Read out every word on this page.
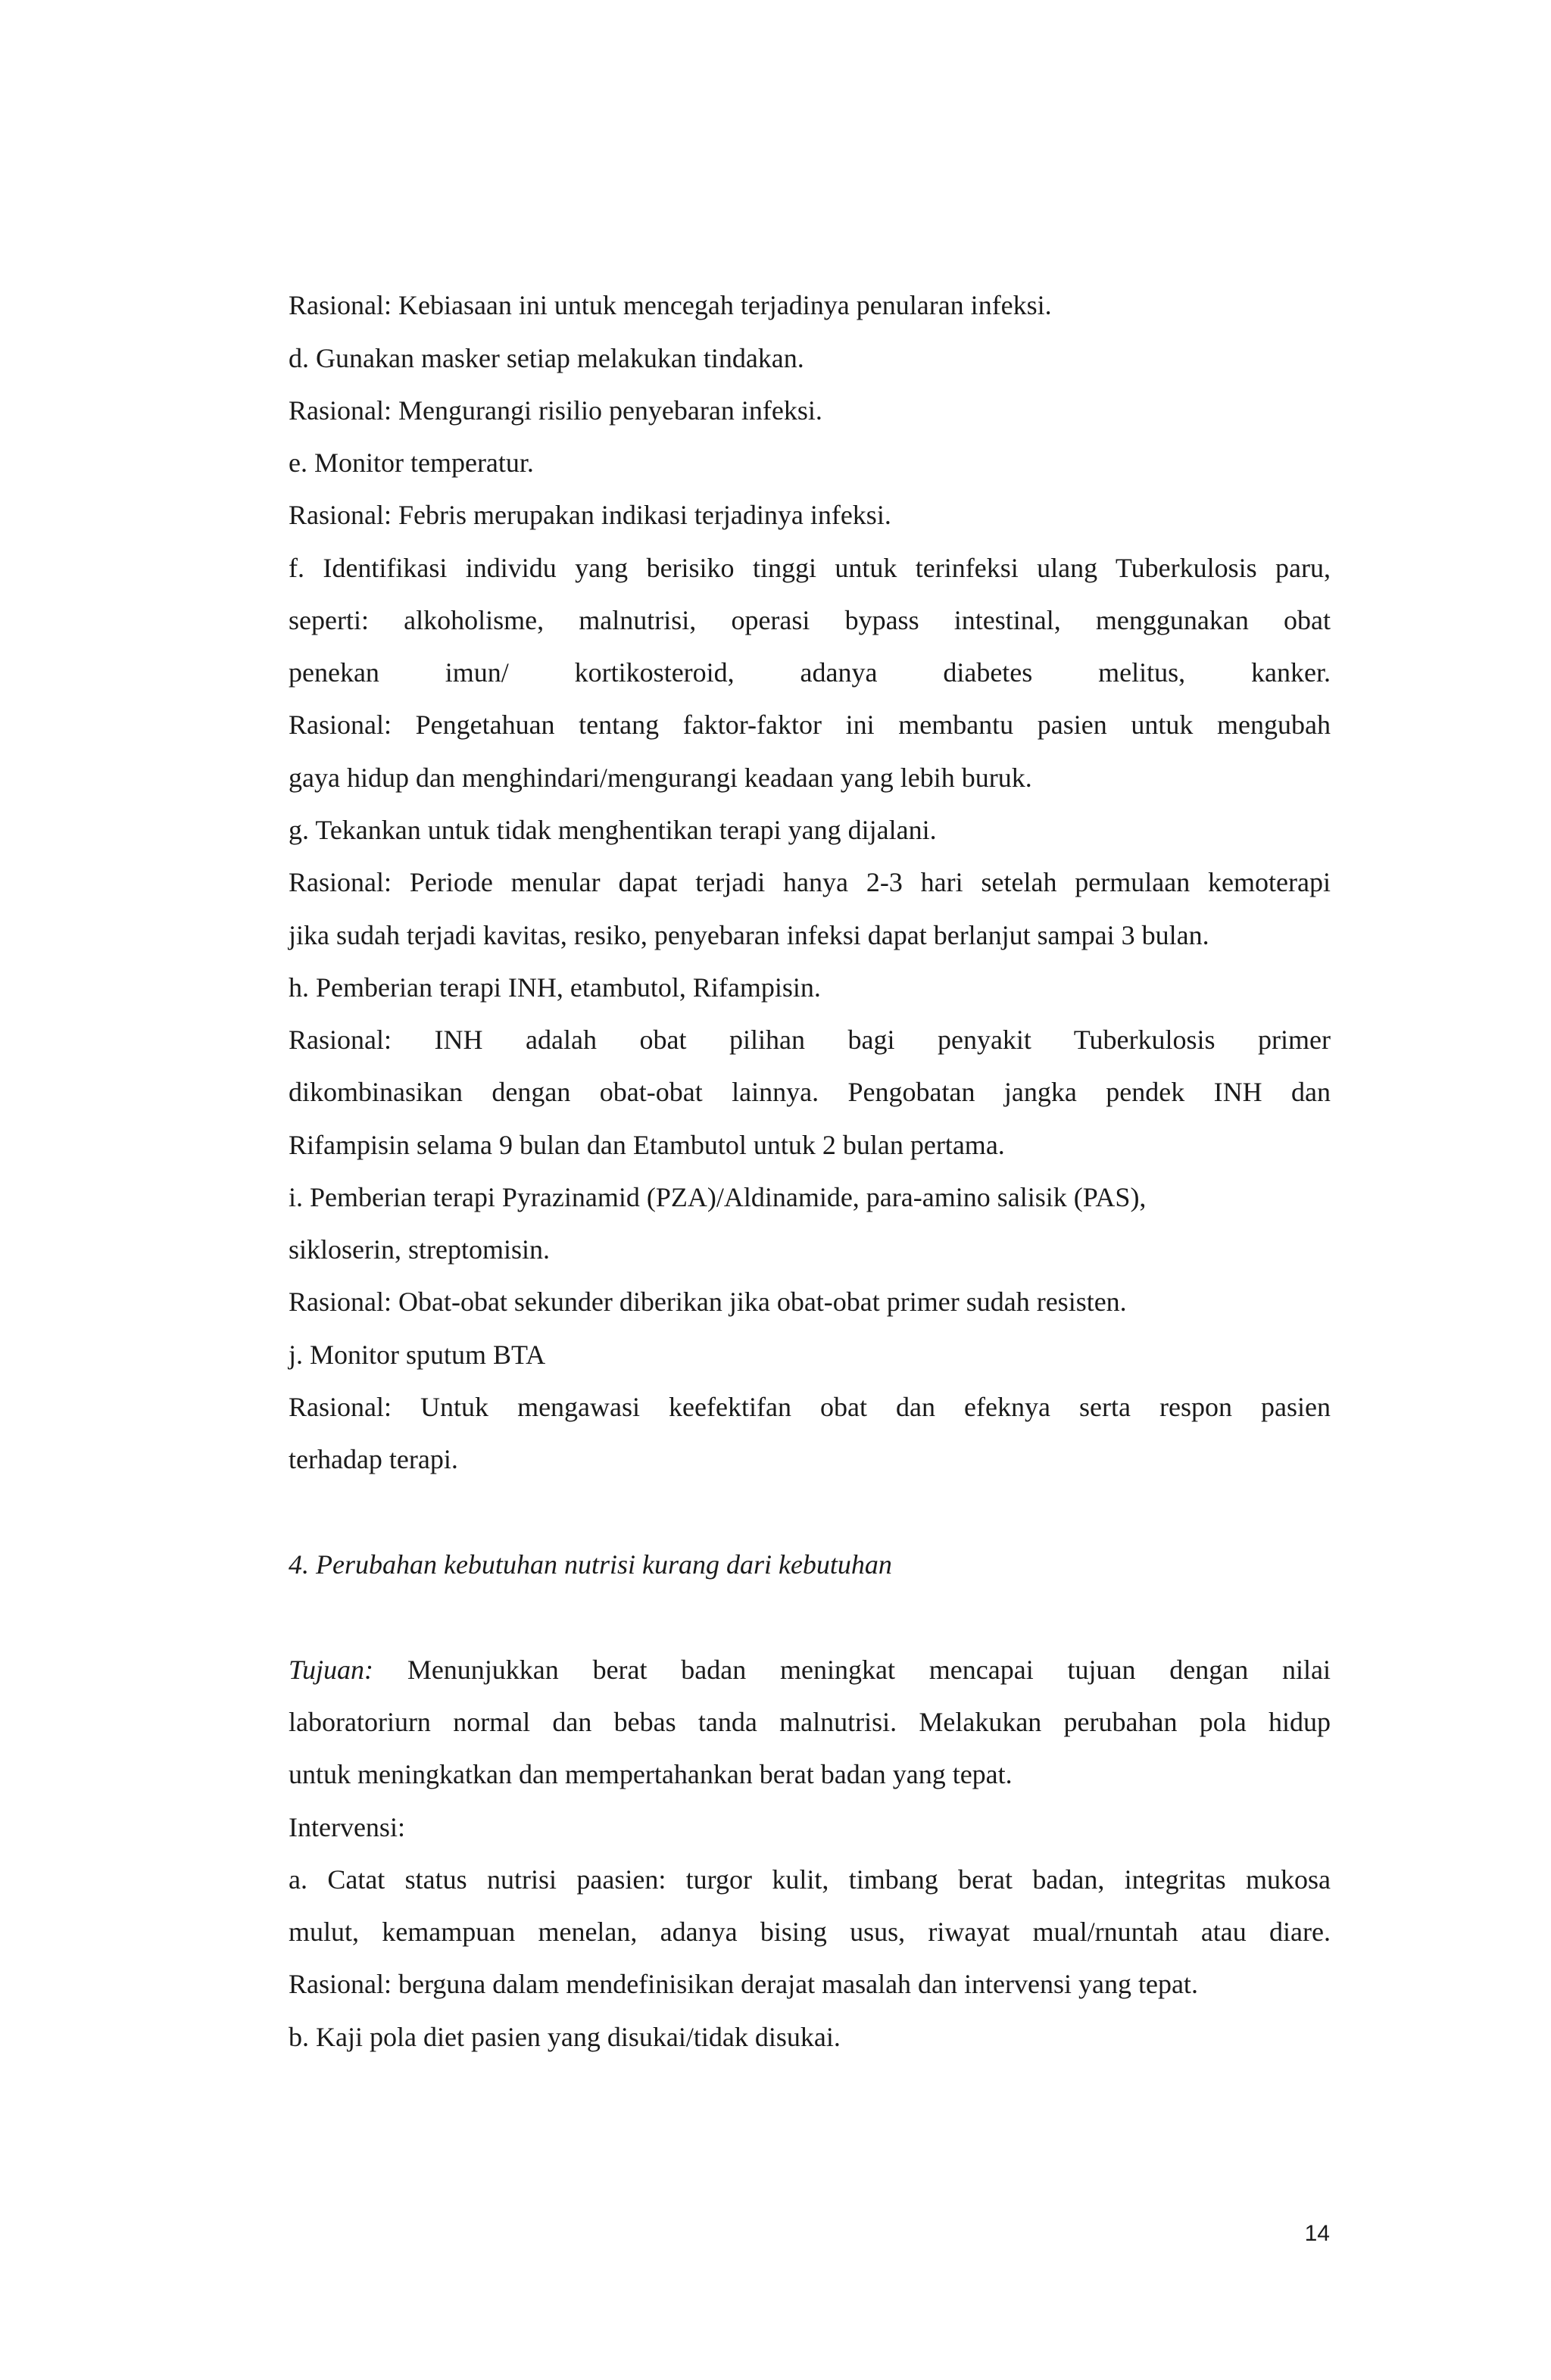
Rasional: Kebiasaan ini untuk mencegah terjadinya penularan infeksi.

d. Gunakan masker setiap melakukan tindakan.

Rasional: Mengurangi risilio penyebaran infeksi.

e. Monitor temperatur.

Rasional: Febris merupakan indikasi terjadinya infeksi.

f. Identifikasi individu yang berisiko tinggi untuk terinfeksi ulang Tuberkulosis paru,

seperti: alkoholisme, malnutrisi, operasi bypass intestinal, menggunakan obat

penekan imun/ kortikosteroid, adanya diabetes melitus, kanker.

Rasional: Pengetahuan tentang faktor-faktor ini membantu pasien untuk mengubah

gaya hidup dan menghindari/mengurangi keadaan yang lebih buruk.

g. Tekankan untuk tidak menghentikan terapi yang dijalani.

Rasional: Periode menular dapat terjadi hanya 2-3 hari setelah permulaan kemoterapi

jika sudah terjadi kavitas, resiko, penyebaran infeksi dapat berlanjut sampai 3 bulan.

h. Pemberian terapi INH, etambutol, Rifampisin.

Rasional: INH adalah obat pilihan bagi penyakit Tuberkulosis primer

dikombinasikan dengan obat-obat lainnya. Pengobatan jangka pendek INH dan

Rifampisin selama 9 bulan dan Etambutol untuk 2 bulan pertama.

i. Pemberian terapi Pyrazinamid (PZA)/Aldinamide, para-amino salisik (PAS),

sikloserin, streptomisin.

Rasional: Obat-obat sekunder diberikan jika obat-obat primer sudah resisten.

j. Monitor sputum BTA

Rasional: Untuk mengawasi keefektifan obat dan efeknya serta respon pasien

terhadap terapi.

4. Perubahan kebutuhan nutrisi kurang dari kebutuhan

Tujuan: Menunjukkan berat badan meningkat mencapai tujuan dengan nilai

laboratoriurn normal dan bebas tanda malnutrisi. Melakukan perubahan pola hidup

untuk meningkatkan dan mempertahankan berat badan yang tepat.

Intervensi:

a. Catat status nutrisi paasien: turgor kulit, timbang berat badan, integritas mukosa

mulut, kemampuan menelan, adanya bising usus, riwayat mual/rnuntah atau diare.

Rasional: berguna dalam mendefinisikan derajat masalah dan intervensi yang tepat.

b. Kaji pola diet pasien yang disukai/tidak disukai.

14
